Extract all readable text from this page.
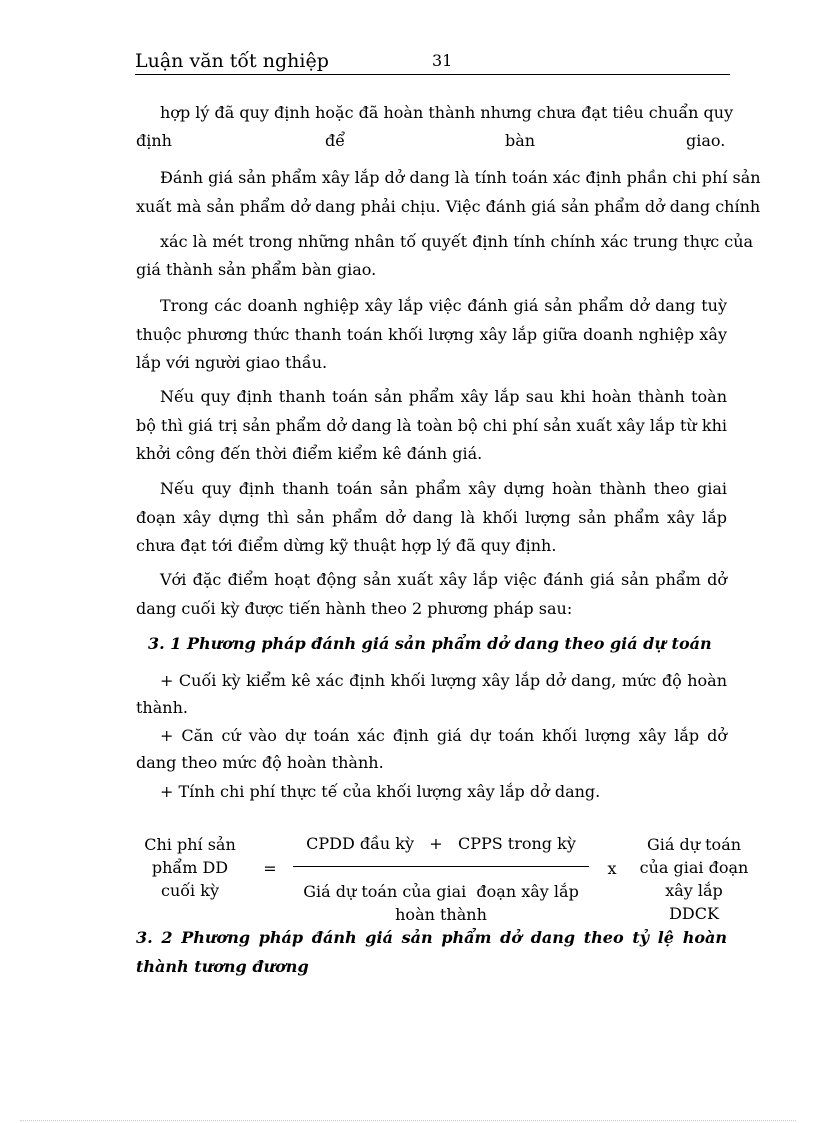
Luận văn tốt nghiệp	31
hợp lý đã quy định hoặc đã hoàn thành nhưng chưa đạt tiêu chuẩn quy
định	để	bàn	giao.
Đánh giá sản phẩm xây lắp dở dang là tính toán xác định phần chi phí sản
xuất mà sản phẩm dở dang phải chịu. Việc đánh giá sản phẩm dở dang chính
xác là mét trong những nhân tố quyết định tính chính xác trung thực của
giá thành sản phẩm bàn giao.

Trong các doanh nghiệp xây lắp việc đánh giá sản phẩm dở dang tuỳ thuộc phương thức thanh toán khối lượng xây lắp giữa doanh nghiệp xây lắp với người giao thầu.

Nếu quy định thanh toán sản phẩm xây lắp sau khi hoàn thành toàn bộ thì giá trị sản phẩm dở dang là toàn bộ chi phí sản xuất xây lắp từ khi khởi công đến thời điểm kiểm kê đánh giá.

Nếu quy định thanh toán sản phẩm xây dựng hoàn thành theo giai đoạn xây dựng thì sản phẩm dở dang là khối lượng sản phẩm xây lắp chưa đạt tới điểm dừng kỹ thuật hợp lý đã quy định.

Với đặc điểm hoạt động sản xuất xây lắp việc đánh giá sản phẩm dở dang cuối kỳ được tiến hành theo 2 phương pháp sau:

3. 1 Phương pháp đánh giá sản phẩm dở dang theo giá dự toán

+ Cuối kỳ kiểm kê xác định khối lượng xây lắp dở dang, mức độ hoàn thành.

+ Căn cứ vào dự toán xác định giá dự toán khối lượng xây lắp dở dang theo mức độ hoàn thành.

+ Tính chi phí thực tế của khối lượng xây lắp dở dang.
Chi phí sản
phẩm DD
cuối kỳ
=
CPDD đầu kỳ + CPPS trong kỳ
Giá dự toán của giai  đoạn xây lắp
hoàn thành
x
Giá dự toán
của giai đoạn
xây lắp
DDCK
3. 2 Phương pháp đánh giá sản phẩm dở dang theo tỷ lệ hoàn thành tương đương
